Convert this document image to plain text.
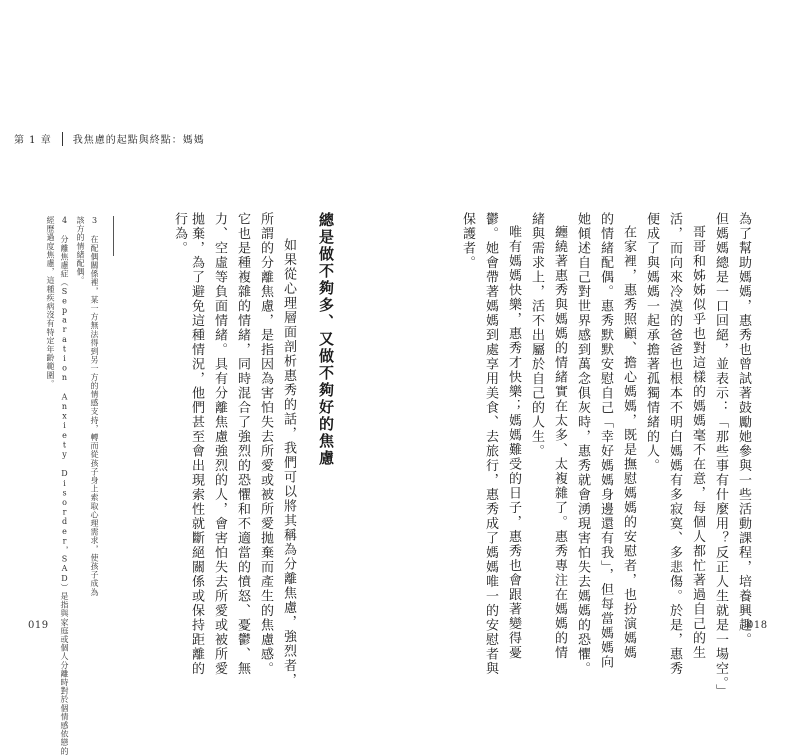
第 1 章 我焦慮的起點與終點：媽媽
行為。	總是做不夠多、又做不夠好的焦慮
如果從心理層面剖析惠秀的話，我們可以將其稱為分離焦慮，強烈者，
所謂的分離焦慮，是指因為害怕失去所愛或被所愛拋棄而產生的焦慮感。
它也是種複雜的情緒，同時混合了強烈的恐懼和不適當的憤怒、憂鬱、無
力、空虛等負面情緒。具有分離焦慮強烈的人，會害怕失去所愛或被所愛
拋棄，為了避免這種情況，他們甚至會出現索性就斷絕關係或保持距離的
3 在配偶關係裡，某一方無法得到另一方的情感支持，轉而從孩子身上索取心理需求，使孩子成為
該方的情緒配偶。
4 分離焦慮症（Separation Anxiety Disorder，SAD）是指與家庭或個人分離時對於個情感依戀的
經歷過度焦慮，這種疾病沒有特定年齡範圍。
019	為了幫助媽媽，惠秀也曾試著鼓勵她參與一些活動課程，培養興趣。
但媽媽總是一口回絕，並表示：「那些事有什麼用？反正人生就是一場空。」
哥哥和姊姊似乎也對這樣的媽媽毫不在意，每個人都忙著過自己的生
活，而向來冷漠的爸爸也根本不明白媽媽有多寂寞、多悲傷。於是，惠秀
便成了與媽媽一起承擔著孤獨情緒的人。
在家裡，惠秀照顧、擔心媽媽，既是撫慰媽媽的安慰者，也扮演媽媽
的情緒配偶。惠秀默默安慰自己「幸好媽媽身邊還有我」，但每當媽媽向
她傾述自己對世界感到萬念俱灰時，惠秀就會湧現害怕失去媽媽的恐懼。
纏繞著惠秀與媽媽的情緒實在太多、太複雜了。惠秀專注在媽媽的情
緒與需求上，活不出屬於自己的人生。
唯有媽媽快樂，惠秀才快樂；媽媽難受的日子，惠秀也會跟著變得憂
鬱。她會帶著媽媽到處享用美食、去旅行，惠秀成了媽媽唯一的安慰者與
保護者。
018
